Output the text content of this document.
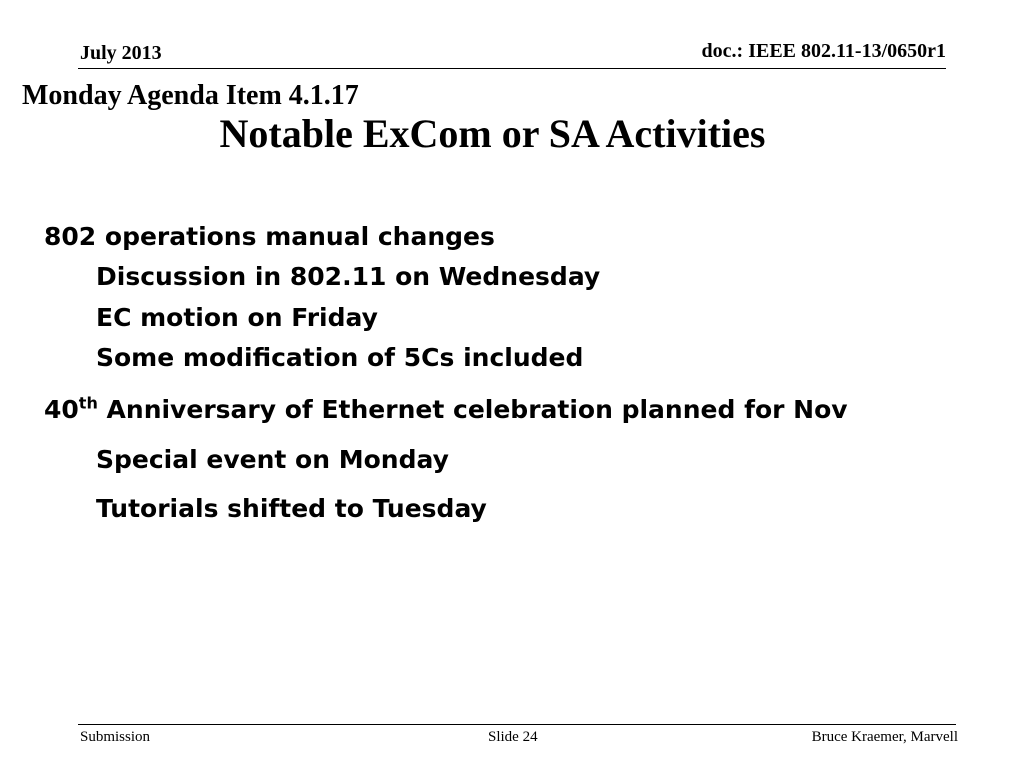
July 2013	doc.: IEEE 802.11-13/0650r1
Monday Agenda Item 4.1.17
Notable ExCom or SA Activities
802 operations manual changes
Discussion in 802.11 on Wednesday
EC motion on Friday
Some modification of 5Cs included
40th Anniversary of Ethernet celebration planned for Nov
Special event on Monday
Tutorials shifted to Tuesday
Submission	Slide 24	Bruce Kraemer, Marvell
